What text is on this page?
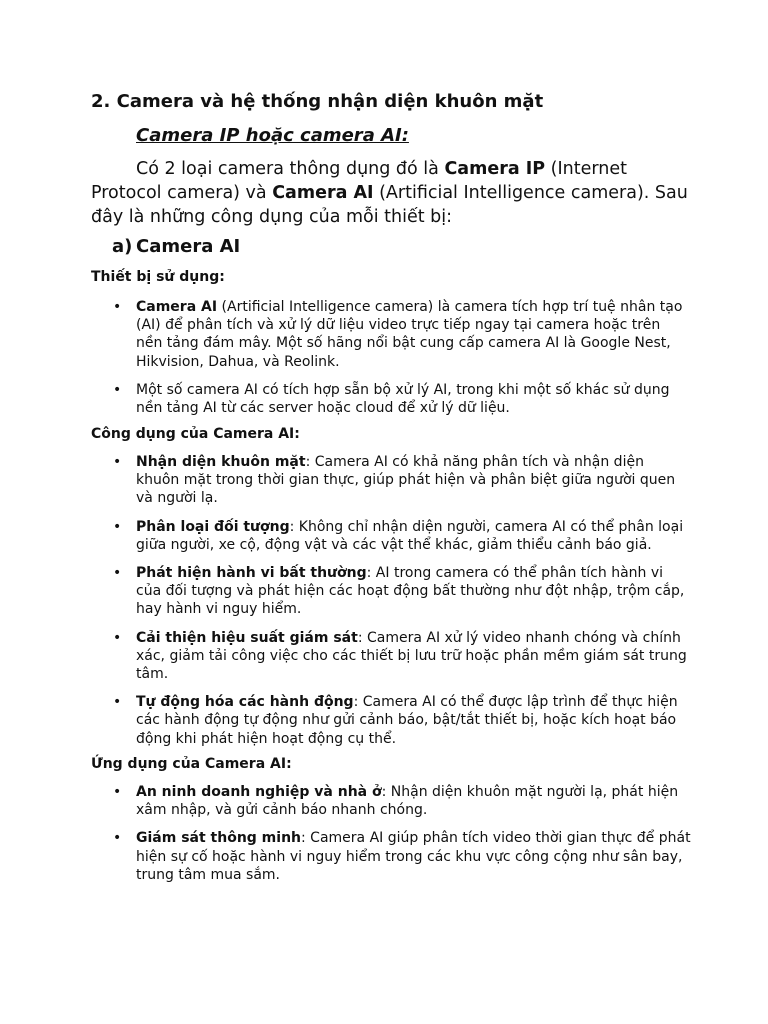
2. Camera và hệ thống nhận diện khuôn mặt
Camera IP hoặc camera AI:
Có 2 loại camera thông dụng đó là Camera IP (Internet Protocol camera) và Camera AI (Artificial Intelligence camera). Sau đây là những công dụng của mỗi thiết bị:
a) Camera AI
Thiết bị sử dụng:
• Camera AI (Artificial Intelligence camera) là camera tích hợp trí tuệ nhân tạo (AI) để phân tích và xử lý dữ liệu video trực tiếp ngay tại camera hoặc trên nền tảng đám mây. Một số hãng nổi bật cung cấp camera AI là Google Nest, Hikvision, Dahua, và Reolink.
• Một số camera AI có tích hợp sẵn bộ xử lý AI, trong khi một số khác sử dụng nền tảng AI từ các server hoặc cloud để xử lý dữ liệu.
Công dụng của Camera AI:
• Nhận diện khuôn mặt: Camera AI có khả năng phân tích và nhận diện khuôn mặt trong thời gian thực, giúp phát hiện và phân biệt giữa người quen và người lạ.
• Phân loại đối tượng: Không chỉ nhận diện người, camera AI có thể phân loại giữa người, xe cộ, động vật và các vật thể khác, giảm thiểu cảnh báo giả.
• Phát hiện hành vi bất thường: AI trong camera có thể phân tích hành vi của đối tượng và phát hiện các hoạt động bất thường như đột nhập, trộm cắp, hay hành vi nguy hiểm.
• Cải thiện hiệu suất giám sát: Camera AI xử lý video nhanh chóng và chính xác, giảm tải công việc cho các thiết bị lưu trữ hoặc phần mềm giám sát trung tâm.
• Tự động hóa các hành động: Camera AI có thể được lập trình để thực hiện các hành động tự động như gửi cảnh báo, bật/tắt thiết bị, hoặc kích hoạt báo động khi phát hiện hoạt động cụ thể.
Ứng dụng của Camera AI:
• An ninh doanh nghiệp và nhà ở: Nhận diện khuôn mặt người lạ, phát hiện xâm nhập, và gửi cảnh báo nhanh chóng.
• Giám sát thông minh: Camera AI giúp phân tích video thời gian thực để phát hiện sự cố hoặc hành vi nguy hiểm trong các khu vực công cộng như sân bay, trung tâm mua sắm.
